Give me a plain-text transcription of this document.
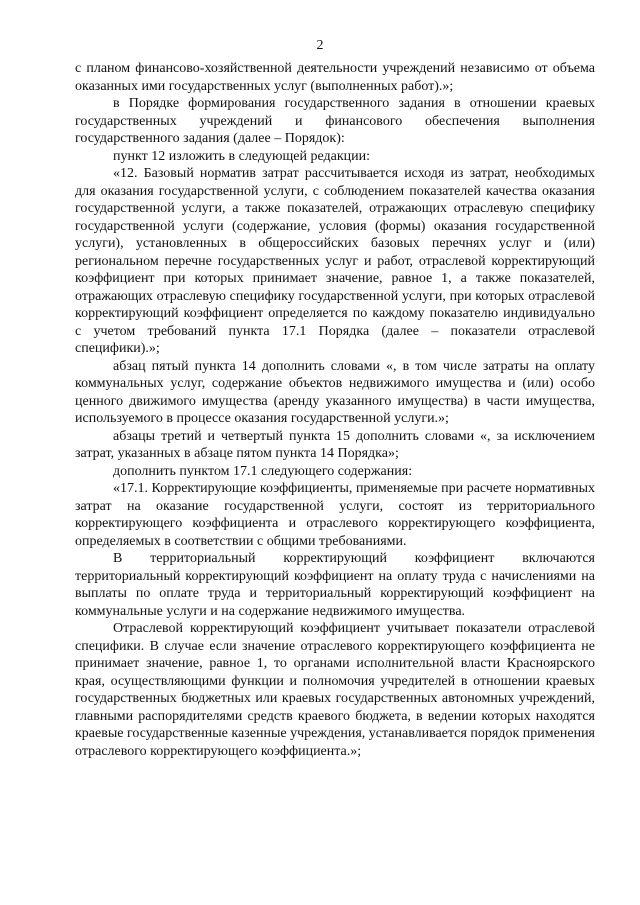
2

с планом финансово-хозяйственной деятельности учреждений независимо от объема оказанных ими государственных услуг (выполненных работ).»;

в Порядке формирования государственного задания в отношении краевых государственных учреждений и финансового обеспечения выполнения государственного задания (далее – Порядок):

пункт 12 изложить в следующей редакции:

«12. Базовый норматив затрат рассчитывается исходя из затрат, необходимых для оказания государственной услуги, с соблюдением показателей качества оказания государственной услуги, а также показателей, отражающих отраслевую специфику государственной услуги (содержание, условия (формы) оказания государственной услуги), установленных в общероссийских базовых перечнях услуг и (или) региональном перечне государственных услуг и работ, отраслевой корректирующий коэффициент при которых принимает значение, равное 1, а также показателей, отражающих отраслевую специфику государственной услуги, при которых отраслевой корректирующий коэффициент определяется по каждому показателю индивидуально с учетом требований пункта 17.1 Порядка (далее – показатели отраслевой специфики).»;

абзац пятый пункта 14 дополнить словами «, в том числе затраты на оплату коммунальных услуг, содержание объектов недвижимого имущества и (или) особо ценного движимого имущества (аренду указанного имущества) в части имущества, используемого в процессе оказания государственной услуги.»;

абзацы третий и четвертый пункта 15 дополнить словами «, за исключением затрат, указанных в абзаце пятом пункта 14 Порядка»;

дополнить пунктом 17.1 следующего содержания:

«17.1. Корректирующие коэффициенты, применяемые при расчете нормативных затрат на оказание государственной услуги, состоят из территориального корректирующего коэффициента и отраслевого корректирующего коэффициента, определяемых в соответствии с общими требованиями.

В территориальный корректирующий коэффициент включаются территориальный корректирующий коэффициент на оплату труда с начислениями на выплаты по оплате труда и территориальный корректирующий коэффициент на коммунальные услуги и на содержание недвижимого имущества.

Отраслевой корректирующий коэффициент учитывает показатели отраслевой специфики. В случае если значение отраслевого корректирующего коэффициента не принимает значение, равное 1, то органами исполнительной власти Красноярского края, осуществляющими функции и полномочия учредителей в отношении краевых государственных бюджетных или краевых государственных автономных учреждений, главными распорядителями средств краевого бюджета, в ведении которых находятся краевые государственные казенные учреждения, устанавливается порядок применения отраслевого корректирующего коэффициента.»;
